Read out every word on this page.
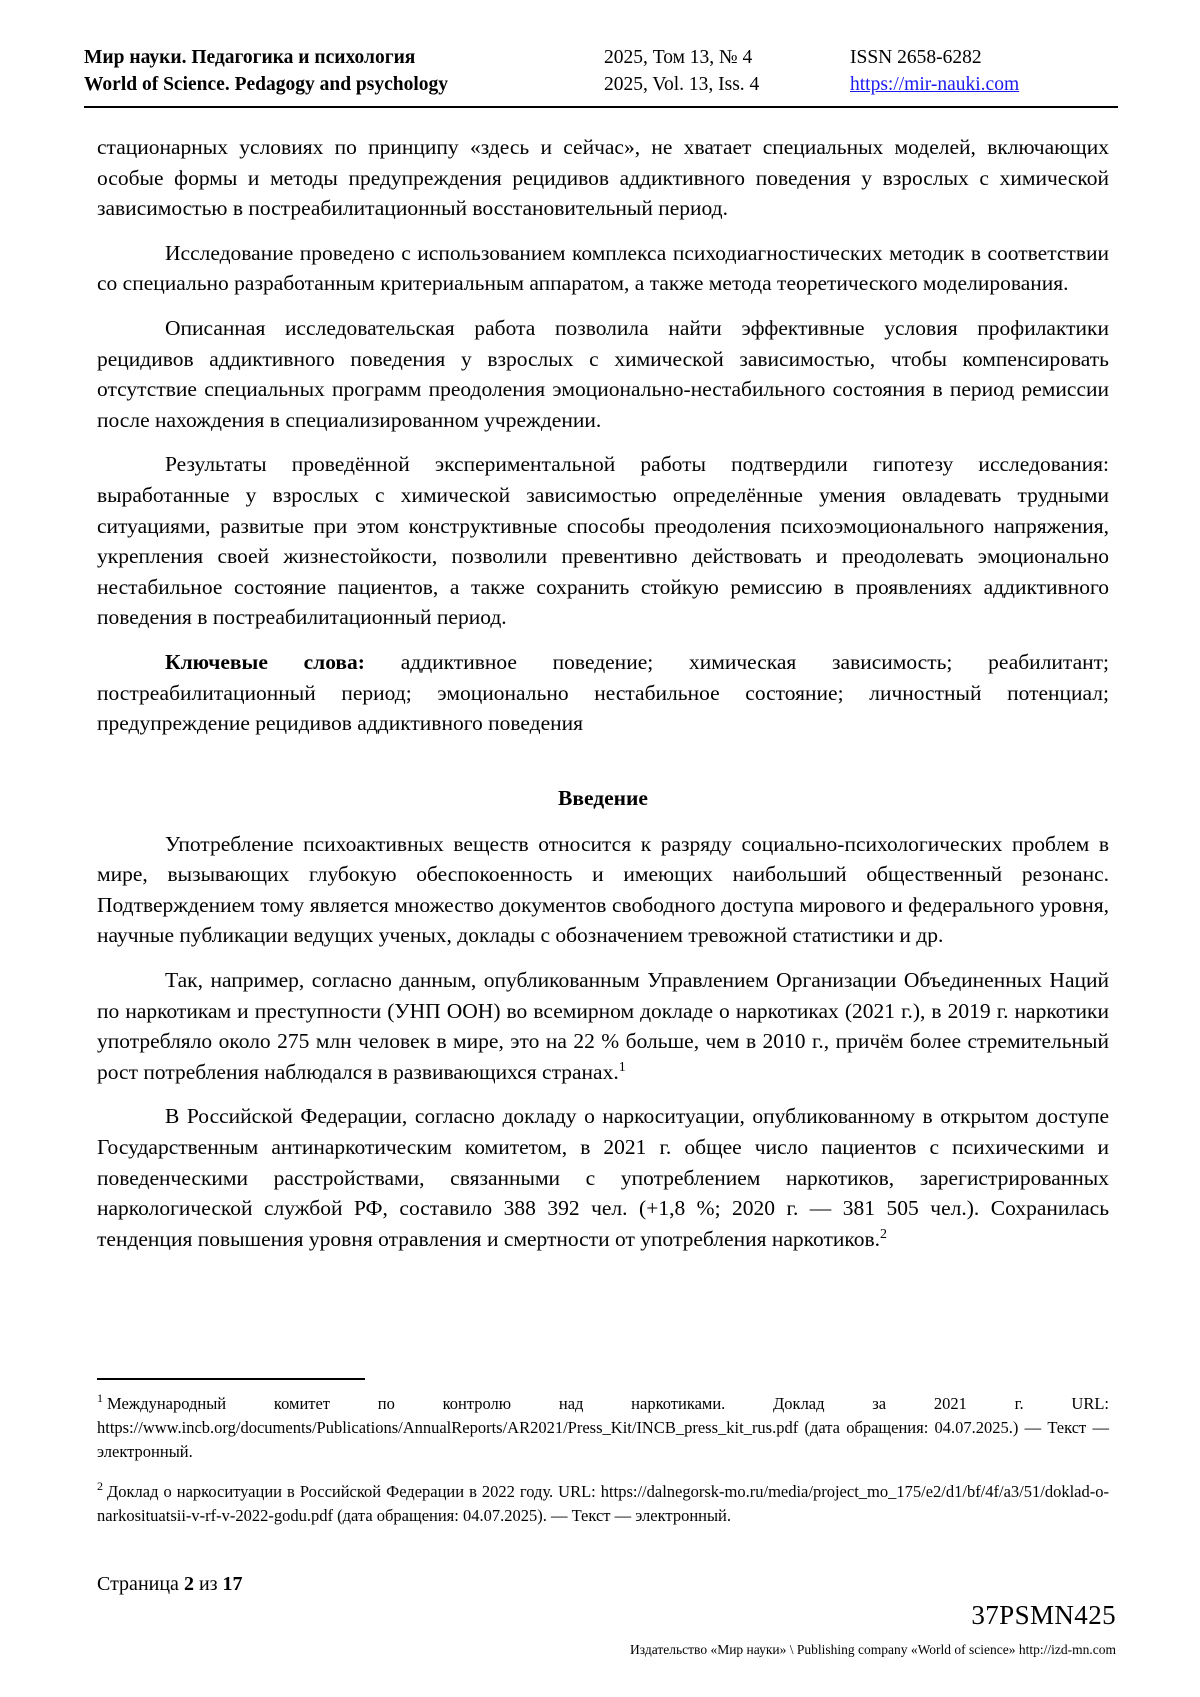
Мир науки. Педагогика и психология	2025, Том 13, № 4	ISSN 2658-6282
World of Science. Pedagogy and psychology	2025, Vol. 13, Iss. 4	https://mir-nauki.com

стационарных условиях по принципу «здесь и сейчас», не хватает специальных моделей, включающих особые формы и методы предупреждения рецидивов аддиктивного поведения у взрослых с химической зависимостью в постреабилитационный восстановительный период.

Исследование проведено с использованием комплекса психодиагностических методик в соответствии со специально разработанным критериальным аппаратом, а также метода теоретического моделирования.

Описанная исследовательская работа позволила найти эффективные условия профилактики рецидивов аддиктивного поведения у взрослых с химической зависимостью, чтобы компенсировать отсутствие специальных программ преодоления эмоционально-нестабильного состояния в период ремиссии после нахождения в специализированном учреждении.

Результаты проведённой экспериментальной работы подтвердили гипотезу исследования: выработанные у взрослых с химической зависимостью определённые умения овладевать трудными ситуациями, развитые при этом конструктивные способы преодоления психоэмоционального напряжения, укрепления своей жизнестойкости, позволили превентивно действовать и преодолевать эмоционально нестабильное состояние пациентов, а также сохранить стойкую ремиссию в проявлениях аддиктивного поведения в постреабилитационный период.

Ключевые слова: аддиктивное поведение; химическая зависимость; реабилитант; постреабилитационный период; эмоционально нестабильное состояние; личностный потенциал; предупреждение рецидивов аддиктивного поведения

Введение

Употребление психоактивных веществ относится к разряду социально-психологических проблем в мире, вызывающих глубокую обеспокоенность и имеющих наибольший общественный резонанс. Подтверждением тому является множество документов свободного доступа мирового и федерального уровня, научные публикации ведущих ученых, доклады с обозначением тревожной статистики и др.

Так, например, согласно данным, опубликованным Управлением Организации Объединенных Наций по наркотикам и преступности (УНП ООН) во всемирном докладе о наркотиках (2021 г.), в 2019 г. наркотики употребляло около 275 млн человек в мире, это на 22 % больше, чем в 2010 г., причём более стремительный рост потребления наблюдался в развивающихся странах.$^1$

В Российской Федерации, согласно докладу о наркоситуации, опубликованному в открытом доступе Государственным антинаркотическим комитетом, в 2021 г. общее число пациентов с психическими и поведенческими расстройствами, связанными с употреблением наркотиков, зарегистрированных наркологической службой РФ, составило 388 392 чел. (+1,8 %; 2020 г. — 381 505 чел.). Сохранилась тенденция повышения уровня отравления и смертности от употребления наркотиков.$^2$

$^1$ Международный комитет по контролю над наркотиками. Доклад за 2021 г. URL: https://www.incb.org/documents/Publications/AnnualReports/AR2021/Press_Kit/INCB_press_kit_rus.pdf (дата обращения: 04.07.2025.) — Текст — электронный.

$^2$ Доклад о наркоситуации в Российской Федерации в 2022 году. URL: https://dalnegorsk-mo.ru/media/project_mo_175/e2/d1/bf/4f/a3/51/doklad-o-narkosituatsii-v-rf-v-2022-godu.pdf (дата обращения: 04.07.2025). — Текст — электронный.

Страница 2 из 17
37PSMN425
Издательство «Мир науки» \ Publishing company «World of science» http://izd-mn.com
